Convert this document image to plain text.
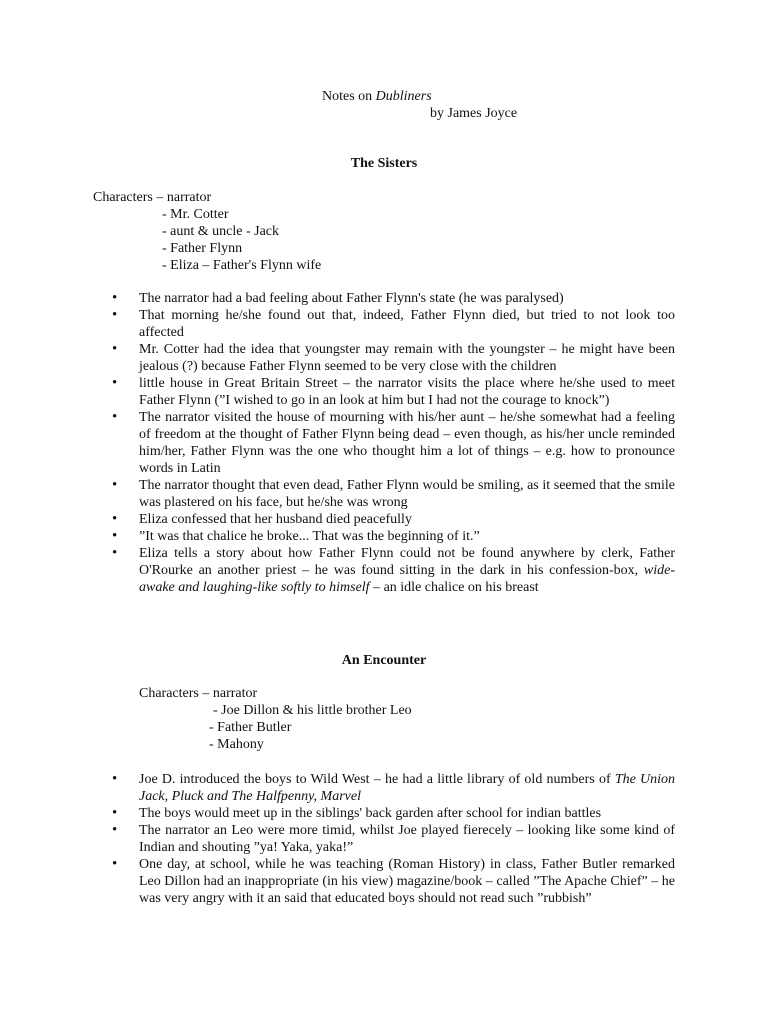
Notes on Dubliners
by James Joyce
The Sisters
Characters – narrator
- Mr. Cotter
- aunt & uncle - Jack
- Father Flynn
- Eliza – Father's Flynn wife
• The narrator had a bad feeling about Father Flynn's state (he was paralysed)
• That morning he/she found out that, indeed, Father Flynn died, but tried to not look too affected
• Mr. Cotter had the idea that youngster may remain with the youngster – he might have been jealous (?) because Father Flynn seemed to be very close with the children
• little house in Great Britain Street – the narrator visits the place where he/she used to meet Father Flynn (”I wished to go in an look at him but I had not the courage to knock”)
• The narrator visited the house of mourning with his/her aunt – he/she somewhat had a feeling of freedom at the thought of Father Flynn being dead – even though, as his/her uncle reminded him/her, Father Flynn was the one who thought him a lot of things – e.g. how to pronounce words in Latin
• The narrator thought that even dead, Father Flynn would be smiling, as it seemed that the smile was plastered on his face, but he/she was wrong
• Eliza confessed that her husband died peacefully
• ”It was that chalice he broke... That was the beginning of it.”
• Eliza tells a story about how Father Flynn could not be found anywhere by clerk, Father O'Rourke an another priest – he was found sitting in the dark in his confession-box, wide-awake and laughing-like softly to himself – an idle chalice on his breast
An Encounter
Characters – narrator
- Joe Dillon & his little brother Leo
- Father Butler
- Mahony
• Joe D. introduced the boys to Wild West – he had a little library of old numbers of The Union Jack, Pluck and The Halfpenny, Marvel
• The boys would meet up in the siblings' back garden after school for indian battles
• The narrator an Leo were more timid, whilst Joe played fierecely – looking like some kind of Indian and shouting ”ya! Yaka, yaka!”
• One day, at school, while he was teaching (Roman History) in class, Father Butler remarked Leo Dillon had an inappropriate (in his view) magazine/book – called ”The Apache Chief” – he was very angry with it an said that educated boys should not read such ”rubbish”
